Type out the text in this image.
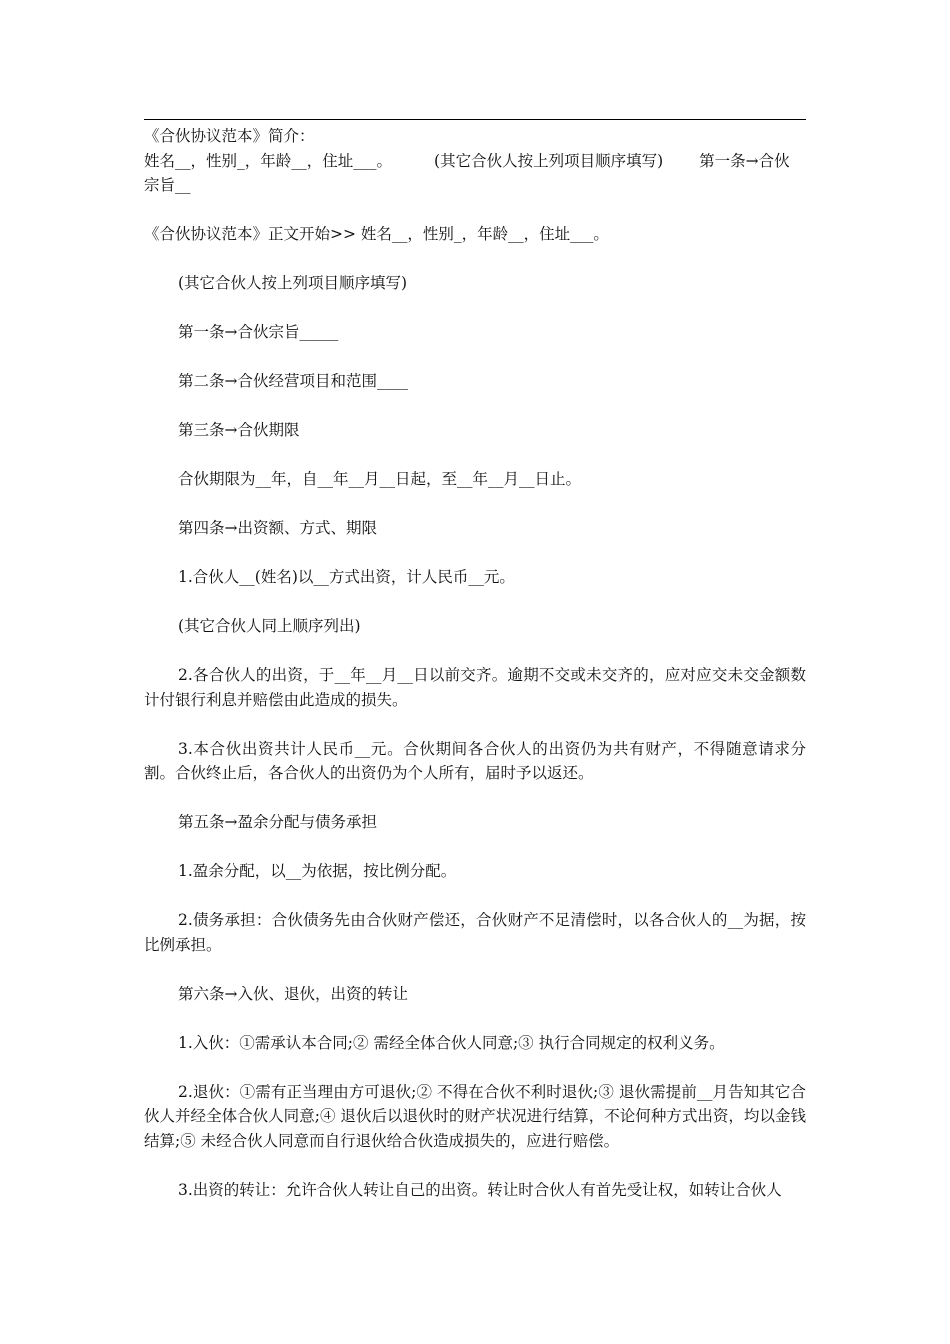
《合伙协议范本》简介：
姓名__，性别_，年龄__，住址___。	(其它合伙人按上列项目顺序填写) 第一条→合伙
宗旨__

《合伙协议范本》正文开始>> 姓名__，性别_，年龄__，住址___。

(其它合伙人按上列项目顺序填写)

第一条→合伙宗旨_____

第二条→合伙经营项目和范围____

第三条→合伙期限

合伙期限为__年，自__年__月__日起，至__年__月__日止。

第四条→出资额、方式、期限

1.合伙人__(姓名)以__方式出资，计人民币__元。

(其它合伙人同上顺序列出)

2.各合伙人的出资，于__年__月__日以前交齐。逾期不交或未交齐的，应对应交未交金额数计付银行利息并赔偿由此造成的损失。

3.本合伙出资共计人民币__元。合伙期间各合伙人的出资仍为共有财产，不得随意请求分割。合伙终止后，各合伙人的出资仍为个人所有，届时予以返还。

第五条→盈余分配与债务承担

1.盈余分配，以__为依据，按比例分配。

2.债务承担：合伙债务先由合伙财产偿还，合伙财产不足清偿时，以各合伙人的__为据，按比例承担。

第六条→入伙、退伙，出资的转让

1.入伙：①需承认本合同;② 需经全体合伙人同意;③ 执行合同规定的权利义务。

2.退伙：①需有正当理由方可退伙;② 不得在合伙不利时退伙;③ 退伙需提前__月告知其它合伙人并经全体合伙人同意;④ 退伙后以退伙时的财产状况进行结算，不论何种方式出资，均以金钱结算;⑤ 未经合伙人同意而自行退伙给合伙造成损失的，应进行赔偿。

3.出资的转让：允许合伙人转让自己的出资。转让时合伙人有首先受让权，如转让合伙人
